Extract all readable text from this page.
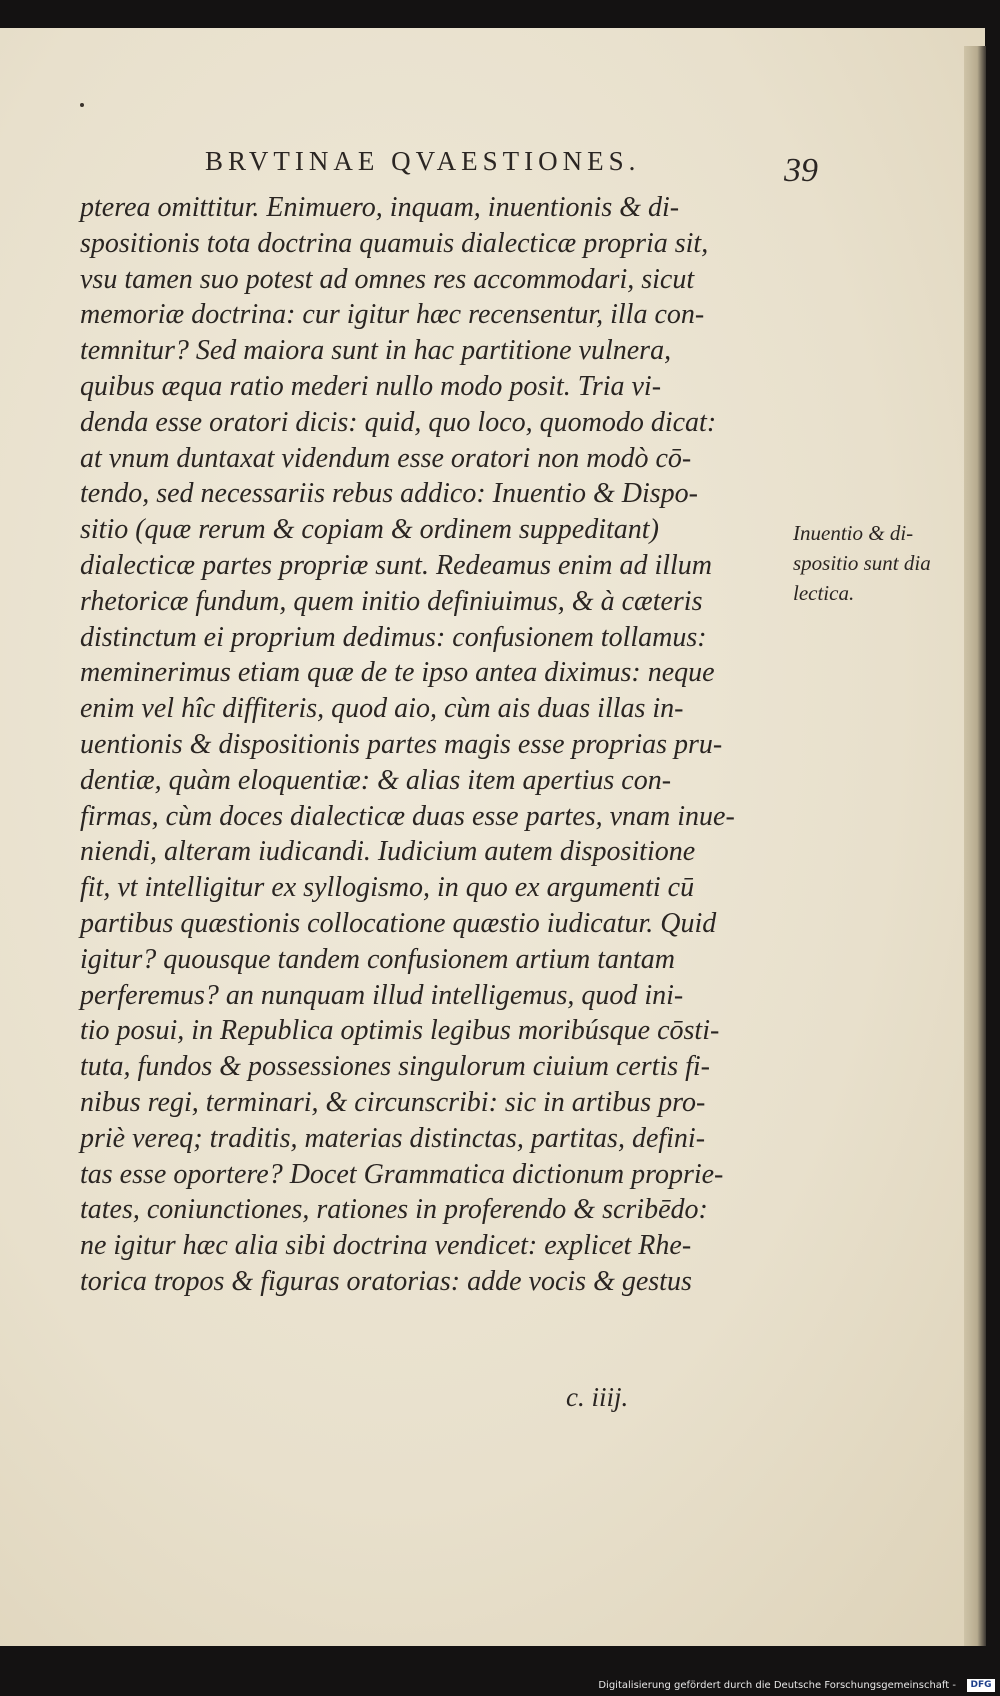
BRVTINAE QVAESTIONES.	39
pterea omittitur. Enimuero, inquam, inuentionis & di-
spositionis tota doctrina quamuis dialecticæ propria sit,
vsu tamen suo potest ad omnes res accommodari, sicut
memoriæ doctrina: cur igitur hæc recensentur, illa con-
temnitur? Sed maiora sunt in hac partitione vulnera,
quibus æqua ratio mederi nullo modo posit. Tria vi-
denda esse oratori dicis: quid, quo loco, quomodo dicat:
at vnum duntaxat videndum esse oratori non modò cō-
tendo, sed necessariis rebus addico: Inuentio & Dispo-
sitio (quæ rerum & copiam & ordinem suppeditant)
dialecticæ partes propriæ sunt. Redeamus enim ad illum
rhetoricæ fundum, quem initio definiuimus, & à cæteris
distinctum ei proprium dedimus: confusionem tollamus:
meminerimus etiam quæ de te ipso antea diximus: neque
enim vel hîc diffiteris, quod aio, cùm ais duas illas in-
uentionis & dispositionis partes magis esse proprias pru-
dentiæ, quàm eloquentiæ: & alias item apertius con-
firmas, cùm doces dialecticæ duas esse partes, vnam inue-
niendi, alteram iudicandi. Iudicium autem dispositione
fit, vt intelligitur ex syllogismo, in quo ex argumenti cū
partibus quæstionis collocatione quæstio iudicatur. Quid
igitur? quousque tandem confusionem artium tantam
perferemus? an nunquam illud intelligemus, quod ini-
tio posui, in Republica optimis legibus moribúsque cōsti-
tuta, fundos & possessiones singulorum ciuium certis fi-
nibus regi, terminari, & circunscribi: sic in artibus pro-
priè vereq; traditis, materias distinctas, partitas, defini-
tas esse oportere? Docet Grammatica dictionum proprie-
tates, coniunctiones, rationes in proferendo & scribēdo:
ne igitur hæc alia sibi doctrina vendicet: explicet Rhe-
torica tropos & figuras oratorias: adde vocis & gestus
Inuentio & di-
spositio sunt dia
lectica.
c. iiij.
Digitalisierung gefördert durch die Deutsche Forschungsgemeinschaft -	DFG
